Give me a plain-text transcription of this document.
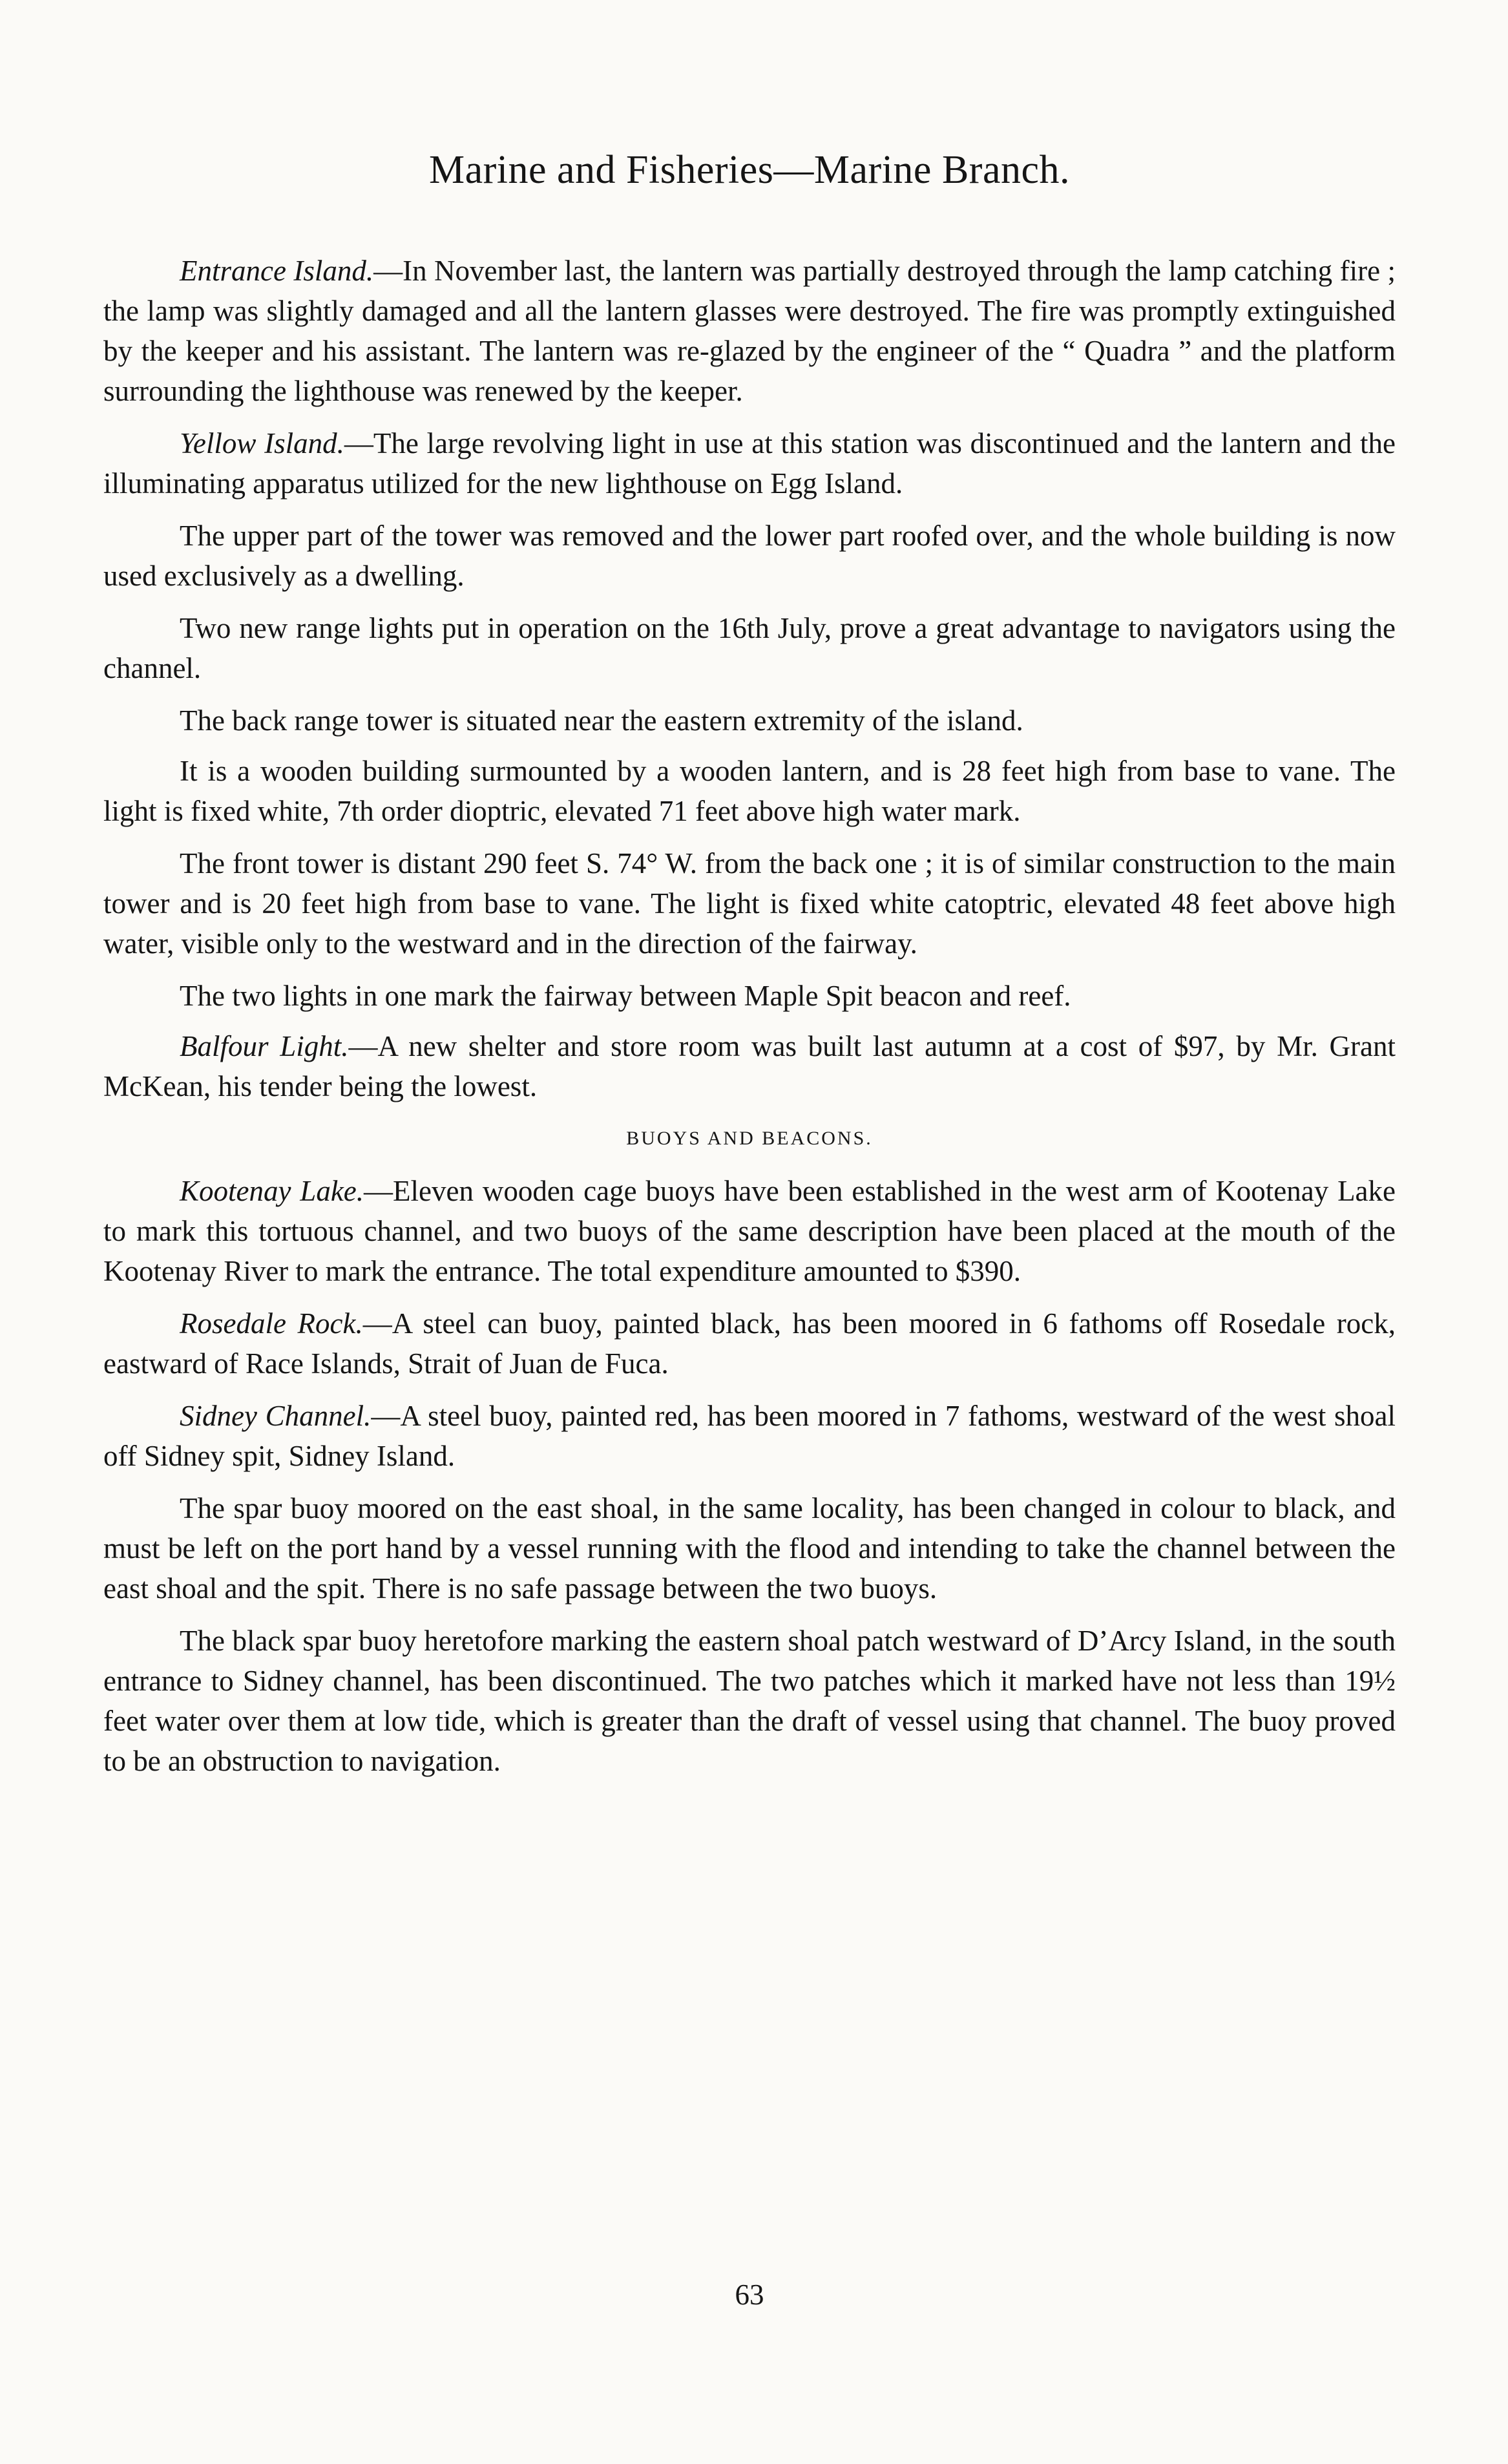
Marine and Fisheries—Marine Branch.

Entrance Island.—In November last, the lantern was partially destroyed through the lamp catching fire ; the lamp was slightly damaged and all the lantern glasses were destroyed. The fire was promptly extinguished by the keeper and his assistant. The lantern was re-glazed by the engineer of the “ Quadra ” and the platform surrounding the lighthouse was renewed by the keeper.

Yellow Island.—The large revolving light in use at this station was discontinued and the lantern and the illuminating apparatus utilized for the new lighthouse on Egg Island.

The upper part of the tower was removed and the lower part roofed over, and the whole building is now used exclusively as a dwelling.

Two new range lights put in operation on the 16th July, prove a great advantage to navigators using the channel.

The back range tower is situated near the eastern extremity of the island.

It is a wooden building surmounted by a wooden lantern, and is 28 feet high from base to vane. The light is fixed white, 7th order dioptric, elevated 71 feet above high water mark.

The front tower is distant 290 feet S. 74° W. from the back one ; it is of similar construction to the main tower and is 20 feet high from base to vane. The light is fixed white catoptric, elevated 48 feet above high water, visible only to the westward and in the direction of the fairway.

The two lights in one mark the fairway between Maple Spit beacon and reef.

Balfour Light.—A new shelter and store room was built last autumn at a cost of $97, by Mr. Grant McKean, his tender being the lowest.

BUOYS AND BEACONS.

Kootenay Lake.—Eleven wooden cage buoys have been established in the west arm of Kootenay Lake to mark this tortuous channel, and two buoys of the same description have been placed at the mouth of the Kootenay River to mark the entrance. The total expenditure amounted to $390.

Rosedale Rock.—A steel can buoy, painted black, has been moored in 6 fathoms off Rosedale rock, eastward of Race Islands, Strait of Juan de Fuca.

Sidney Channel.—A steel buoy, painted red, has been moored in 7 fathoms, westward of the west shoal off Sidney spit, Sidney Island.

The spar buoy moored on the east shoal, in the same locality, has been changed in colour to black, and must be left on the port hand by a vessel running with the flood and intending to take the channel between the east shoal and the spit. There is no safe passage between the two buoys.

The black spar buoy heretofore marking the eastern shoal patch westward of D’Arcy Island, in the south entrance to Sidney channel, has been discontinued. The two patches which it marked have not less than 19½ feet water over them at low tide, which is greater than the draft of vessel using that channel. The buoy proved to be an obstruction to navigation.

63
